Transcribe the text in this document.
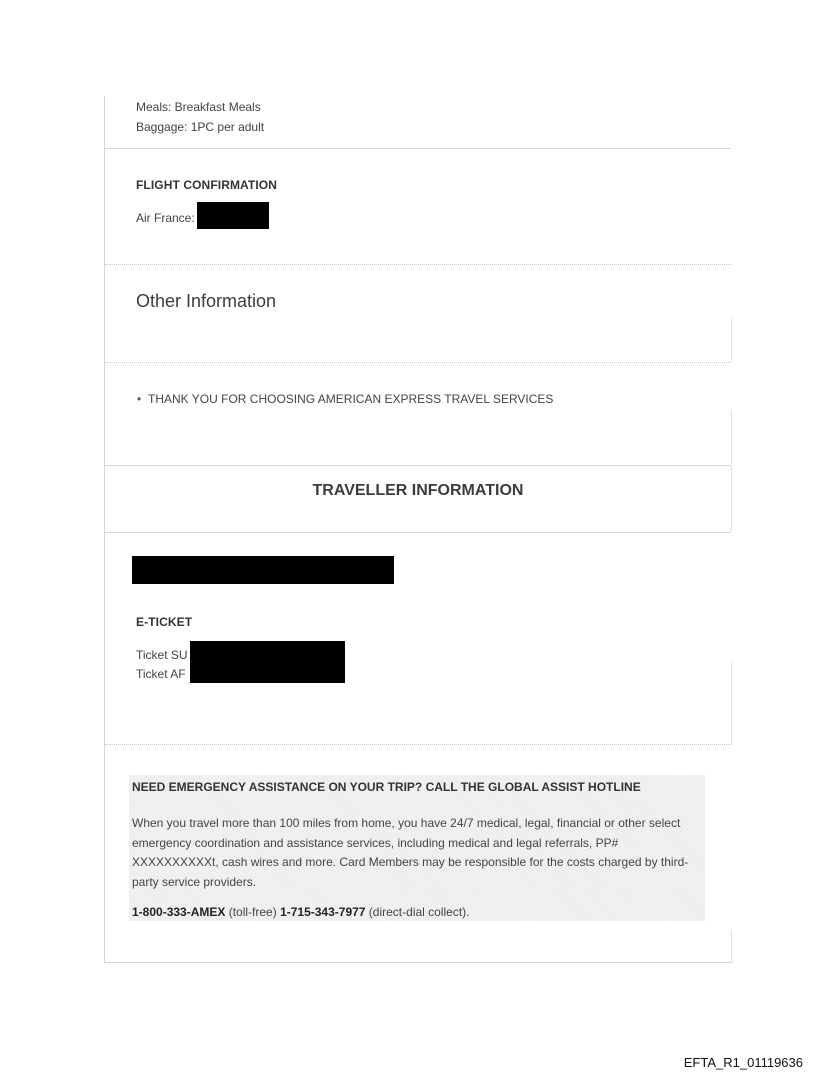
Meals: Breakfast Meals
Baggage: 1PC per adult
FLIGHT CONFIRMATION
Air France:
Other Information
• THANK YOU FOR CHOOSING AMERICAN EXPRESS TRAVEL SERVICES
TRAVELLER INFORMATION
E-TICKET
Ticket SU
Ticket AF
NEED EMERGENCY ASSISTANCE ON YOUR TRIP? CALL THE GLOBAL ASSIST HOTLINE
When you travel more than 100 miles from home, you have 24/7 medical, legal, financial or other select
emergency coordination and assistance services, including medical and legal referrals, PP#
XXXXXXXXXXt, cash wires and more. Card Members may be responsible for the costs charged by third-
party service providers.
1-800-333-AMEX (toll-free) 1-715-343-7977 (direct-dial collect).
EFTA_R1_01119636
